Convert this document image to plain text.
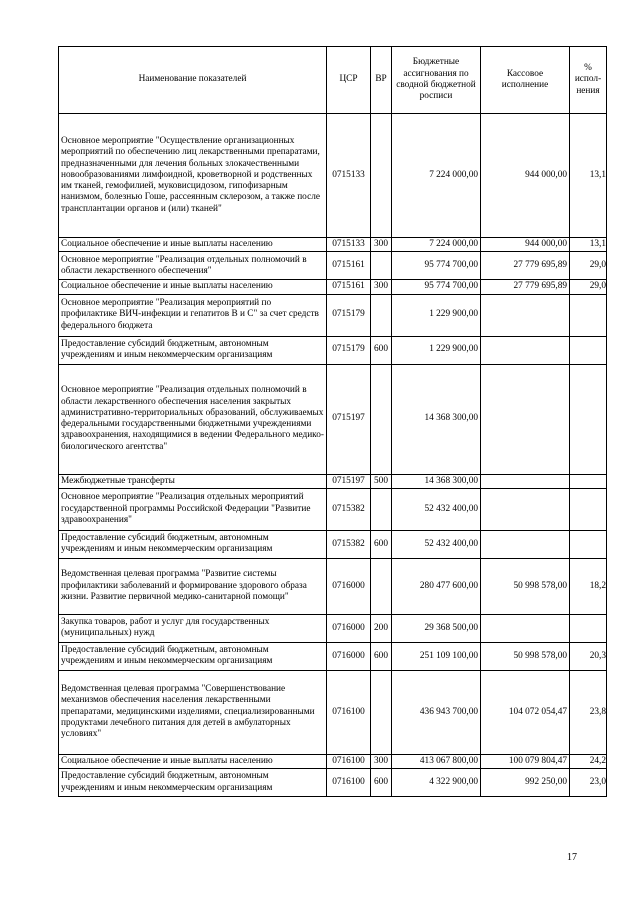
Наименование показателей	ЦСР	ВР	Бюджетные ассигнования по сводной бюджетной росписи	Кассовое исполнение	% испол-нения
Основное мероприятие "Осуществление организационных мероприятий по обеспечению лиц лекарственными препаратами, предназначенными для лечения больных злокачественными новообразованиями лимфоидной, кроветворной и родственных им тканей, гемофилией, муковисцидозом, гипофизарным нанизмом, болезнью Гоше, рассеянным склерозом, а также после трансплантации органов и (или) тканей"	0715133		7 224 000,00	944 000,00	13,1
Социальное обеспечение и иные выплаты населению	0715133	300	7 224 000,00	944 000,00	13,1
Основное мероприятие "Реализация отдельных полномочий в области лекарственного обеспечения"	0715161		95 774 700,00	27 779 695,89	29,0
Социальное обеспечение и иные выплаты населению	0715161	300	95 774 700,00	27 779 695,89	29,0
Основное мероприятие "Реализация мероприятий по профилактике ВИЧ-инфекции и гепатитов B и C" за счет средств федерального бюджета	0715179		1 229 900,00		
Предоставление субсидий бюджетным, автономным учреждениям и иным некоммерческим организациям	0715179	600	1 229 900,00		
Основное мероприятие "Реализация отдельных полномочий в области лекарственного обеспечения населения закрытых административно-территориальных образований, обслуживаемых федеральными государственными бюджетными учреждениями здравоохранения, находящимися в ведении Федерального медико-биологического агентства"	0715197		14 368 300,00		
Межбюджетные трансферты	0715197	500	14 368 300,00		
Основное мероприятие "Реализация отдельных мероприятий государственной программы Российской Федерации "Развитие здравоохранения"	0715382		52 432 400,00		
Предоставление субсидий бюджетным, автономным учреждениям и иным некоммерческим организациям	0715382	600	52 432 400,00		
Ведомственная целевая программа "Развитие системы профилактики заболеваний и формирование здорового образа жизни. Развитие первичной медико-санитарной помощи"	0716000		280 477 600,00	50 998 578,00	18,2
Закупка товаров, работ и услуг для государственных (муниципальных) нужд	0716000	200	29 368 500,00		
Предоставление субсидий бюджетным, автономным учреждениям и иным некоммерческим организациям	0716000	600	251 109 100,00	50 998 578,00	20,3
Ведомственная целевая программа "Совершенствование механизмов обеспечения населения лекарственными препаратами, медицинскими изделиями, специализированными продуктами лечебного питания для детей в амбулаторных условиях"	0716100		436 943 700,00	104 072 054,47	23,8
Социальное обеспечение и иные выплаты населению	0716100	300	413 067 800,00	100 079 804,47	24,2
Предоставление субсидий бюджетным, автономным учреждениям и иным некоммерческим организациям	0716100	600	4 322 900,00	992 250,00	23,0
17
